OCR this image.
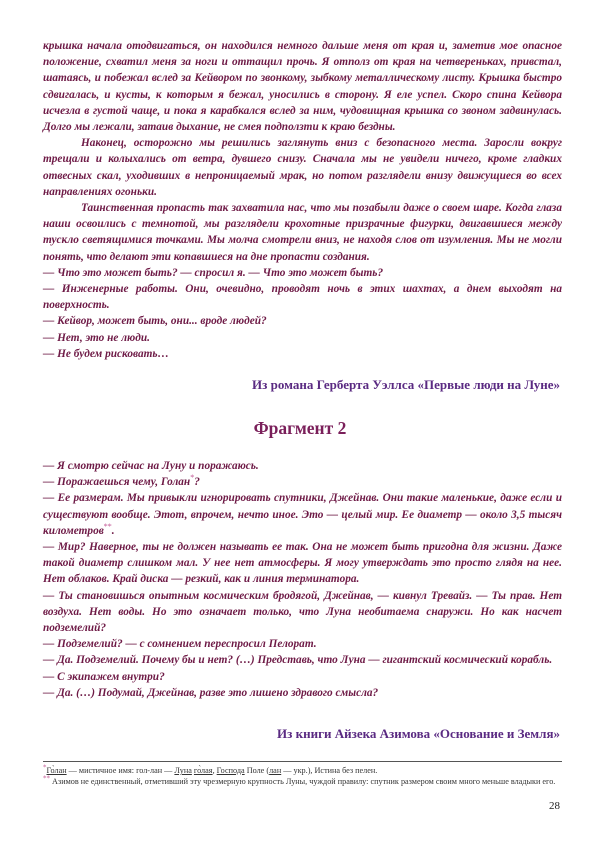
крышка начала отодвигаться, он находился немного дальше меня от края и, заметив мое опасное положение, схватил меня за ноги и оттащил прочь. Я отполз от края на четвереньках, привстал, шатаясь, и побежал вслед за Кейвором по звонкому, зыбкому металлическому листу. Крышка быстро сдвигалась, и кусты, к которым я бежал, уносились в сторону. Я еле успел. Скоро спина Кейвора исчезла в густой чаще, и пока я карабкался вслед за ним, чудовищная крышка со звоном задвинулась. Долго мы лежали, затаив дыхание, не смея подползти к краю бездны.

Наконец, осторожно мы решились заглянуть вниз с безопасного места. Заросли вокруг трещали и колыхались от ветра, дувшего снизу. Сначала мы не увидели ничего, кроме гладких отвесных скал, уходивших в непроницаемый мрак, но потом разглядели внизу движущиеся во всех направлениях огоньки.

Таинственная пропасть так захватила нас, что мы позабыли даже о своем шаре. Когда глаза наши освоились с темнотой, мы разглядели крохотные призрачные фигурки, двигавшиеся между тускло светящимися точками. Мы молча смотрели вниз, не находя слов от изумления. Мы не могли понять, что делают эти копавшиеся на дне пропасти создания.

— Что это может быть? — спросил я. — Что это может быть?

— Инженерные работы. Они, очевидно, проводят ночь в этих шахтах, а днем выходят на поверхность.

— Кейвор, может быть, они... вроде людей?

— Нет, это не люди.

— Не будем рисковать…

Из романа Герберта Уэллса «Первые люди на Луне»

Фрагмент 2

— Я смотрю сейчас на Луну и поражаюсь.

— Поражаешься чему, Голан*?

— Ее размерам. Мы привыкли игнорировать спутники, Джейнав. Они такие маленькие, даже если и существуют вообще. Этот, впрочем, нечто иное. Это — целый мир. Ее диаметр — около 3,5 тысяч километров**.

— Мир? Наверное, ты не должен называть ее так. Она не может быть пригодна для жизни. Даже такой диаметр слишком мал. У нее нет атмосферы. Я могу утверждать это просто глядя на нее. Нет облаков. Край диска — резкий, как и линия терминатора.

— Ты становишься опытным космическим бродягой, Джейнав, — кивнул Тревайз. — Ты прав. Нет воздуха. Нет воды. Но это означает только, что Луна необитаема снаружи. Но как насчет подземелий?

— Подземелий? — с сомнением переспросил Пелорат.

— Да. Подземелий. Почему бы и нет? (…) Представь, что Луна — гигантский космический корабль.

— С экипажем внутри?

— Да. (…) Подумай, Джейнав, разве это лишено здравого смысла?

Из книги Айзека Азимова «Основание и Земля»

*Го̀лан — мистичное имя: гол-лан — Луна го̀лая, Господа Поле (лан — укр.), Истина без пелен.

** Азимов не единственный, отметивший эту чрезмерную крупность Луны, чуждой правилу: спутник размером своим много меньше владыки его.

28
